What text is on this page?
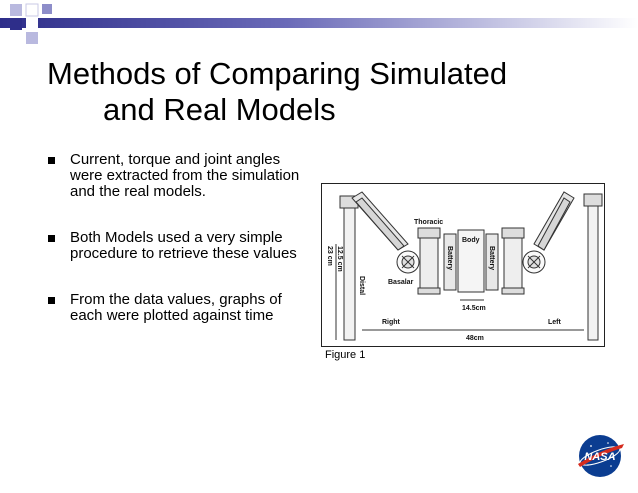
Methods of Comparing Simulated
and Real Models
Current, torque and joint angles were extracted from the simulation and the real models.
Both Models used a very simple procedure to retrieve these values
From the data values, graphs of each were plotted against time
Thoracic
Body
Basalar
14.5cm
Right	Left
48cm
Battery	Battery
Distal
12.5 cm
23 cm
Figure 1
NASA
